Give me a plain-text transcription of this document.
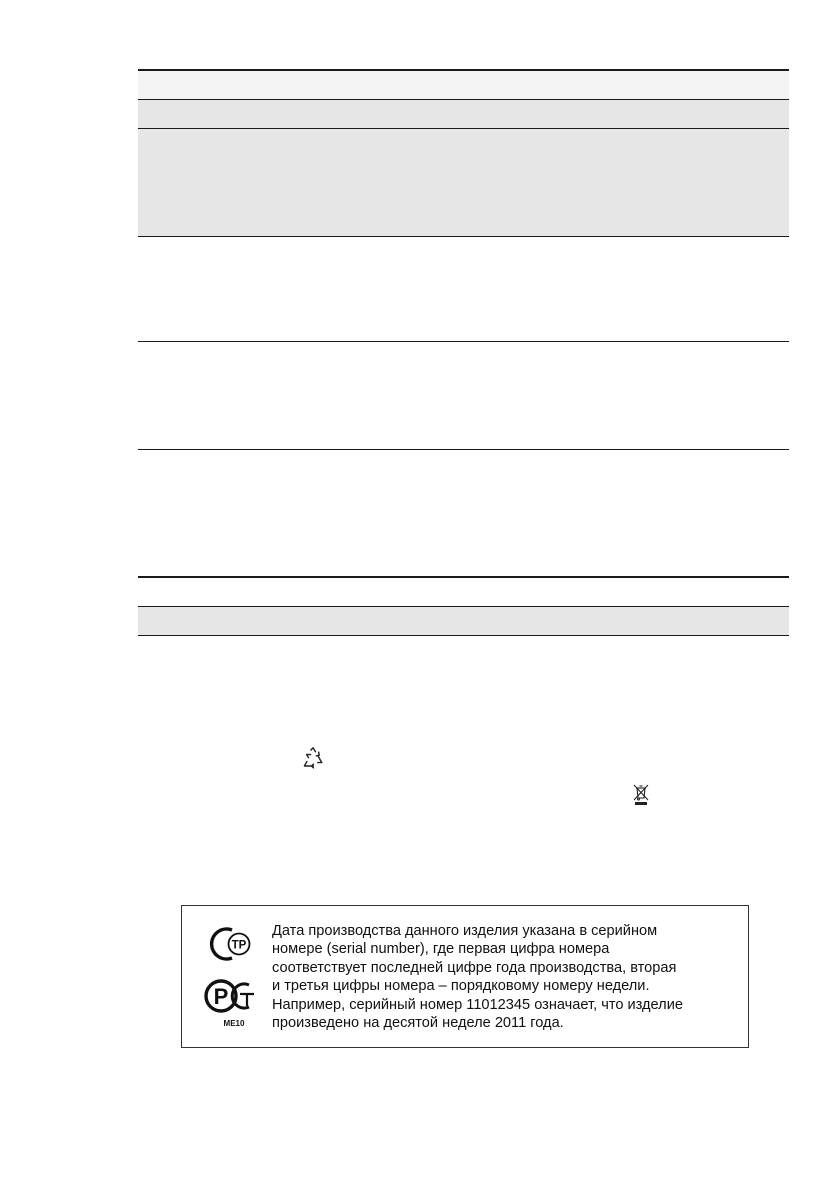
TP
Р
ME10
Дата производства данного изделия указана в серийном
номере (serial number), где первая цифра номера
соответствует последней цифре года производства, вторая
и третья цифры номера – порядковому номеру недели.
Например, серийный номер 11012345 означает, что изделие
произведено на десятой неделе 2011 года.
